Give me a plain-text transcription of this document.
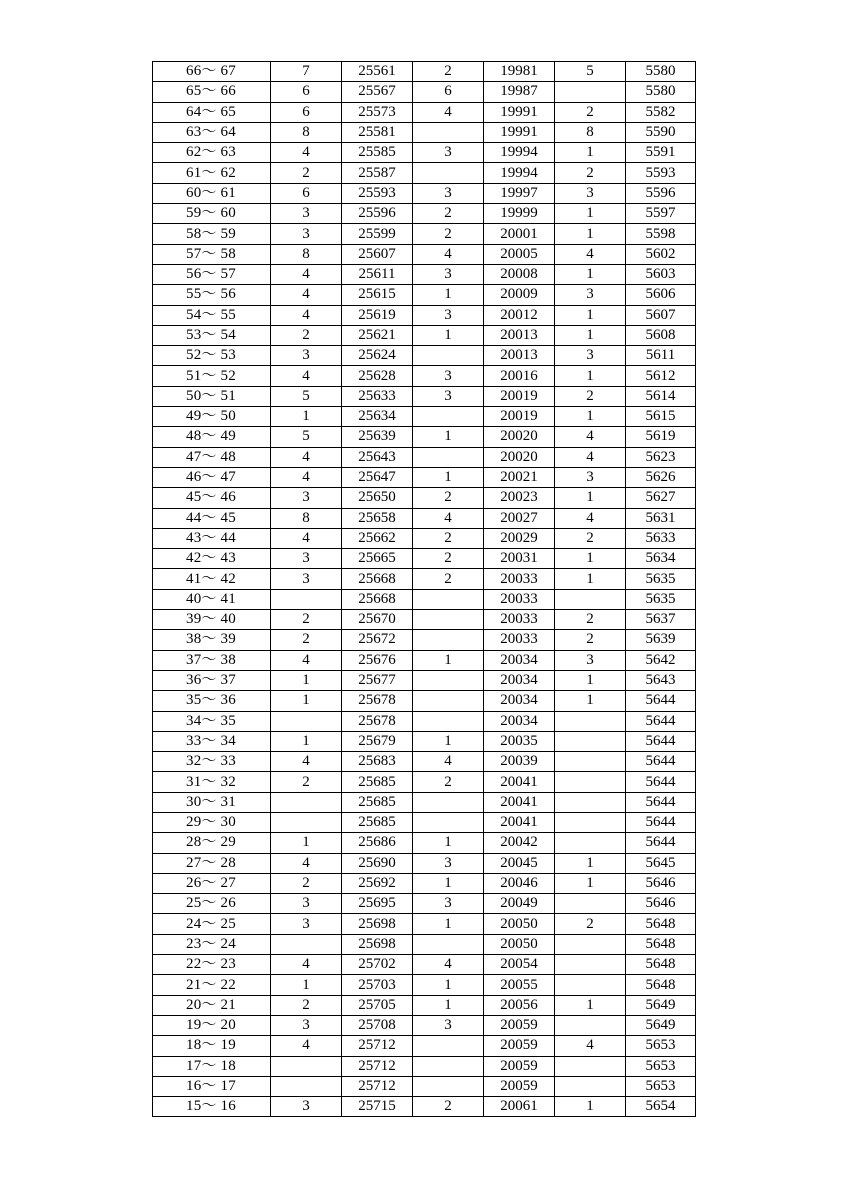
66～ 67	7	25561	2	19981	5	5580
65～ 66	6	25567	6	19987		5580
64～ 65	6	25573	4	19991	2	5582
63～ 64	8	25581		19991	8	5590
62～ 63	4	25585	3	19994	1	5591
61～ 62	2	25587		19994	2	5593
60～ 61	6	25593	3	19997	3	5596
59～ 60	3	25596	2	19999	1	5597
58～ 59	3	25599	2	20001	1	5598
57～ 58	8	25607	4	20005	4	5602
56～ 57	4	25611	3	20008	1	5603
55～ 56	4	25615	1	20009	3	5606
54～ 55	4	25619	3	20012	1	5607
53～ 54	2	25621	1	20013	1	5608
52～ 53	3	25624		20013	3	5611
51～ 52	4	25628	3	20016	1	5612
50～ 51	5	25633	3	20019	2	5614
49～ 50	1	25634		20019	1	5615
48～ 49	5	25639	1	20020	4	5619
47～ 48	4	25643		20020	4	5623
46～ 47	4	25647	1	20021	3	5626
45～ 46	3	25650	2	20023	1	5627
44～ 45	8	25658	4	20027	4	5631
43～ 44	4	25662	2	20029	2	5633
42～ 43	3	25665	2	20031	1	5634
41～ 42	3	25668	2	20033	1	5635
40～ 41		25668		20033		5635
39～ 40	2	25670		20033	2	5637
38～ 39	2	25672		20033	2	5639
37～ 38	4	25676	1	20034	3	5642
36～ 37	1	25677		20034	1	5643
35～ 36	1	25678		20034	1	5644
34～ 35		25678		20034		5644
33～ 34	1	25679	1	20035		5644
32～ 33	4	25683	4	20039		5644
31～ 32	2	25685	2	20041		5644
30～ 31		25685		20041		5644
29～ 30		25685		20041		5644
28～ 29	1	25686	1	20042		5644
27～ 28	4	25690	3	20045	1	5645
26～ 27	2	25692	1	20046	1	5646
25～ 26	3	25695	3	20049		5646
24～ 25	3	25698	1	20050	2	5648
23～ 24		25698		20050		5648
22～ 23	4	25702	4	20054		5648
21～ 22	1	25703	1	20055		5648
20～ 21	2	25705	1	20056	1	5649
19～ 20	3	25708	3	20059		5649
18～ 19	4	25712		20059	4	5653
17～ 18		25712		20059		5653
16～ 17		25712		20059		5653
15～ 16	3	25715	2	20061	1	5654
